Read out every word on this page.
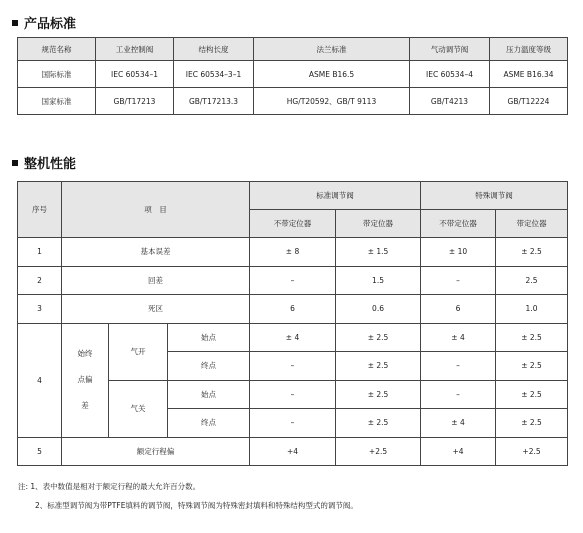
产品标准
规范名称	工业控制阀	结构长度	法兰标准	气动调节阀	压力温度等级
国际标准	IEC 60534–1	IEC 60534–3–1	ASME B16.5	IEC 60534–4	ASME B16.34
国家标准	GB/T17213	GB/T17213.3	HG/T20592、GB/T 9113	GB/T4213	GB/T12224
整机性能
序号	项　目			标准调节阀		特殊调节阀	
				不带定位器	带定位器	不带定位器	带定位器
1	基本误差			± 8	± 1.5	± 10	± 2.5
2	回差			–	1.5	–	2.5
3	死区			6	0.6	6	1.0
4	始终
点偏
差	气开	始点	± 4	± 2.5	± 4	± 2.5
			终点	–	± 2.5	–	± 2.5
		气关	始点	–	± 2.5	–	± 2.5
			终点	–	± 2.5	± 4	± 2.5
5	额定行程偏			+4	+2.5	+4	+2.5
注: 1、表中数值是相对于额定行程的最大允许百分数。
2、标准型调节阀为带PTFE填料的调节阀，特殊调节阀为特殊密封填料和特殊结构型式的调节阀。
